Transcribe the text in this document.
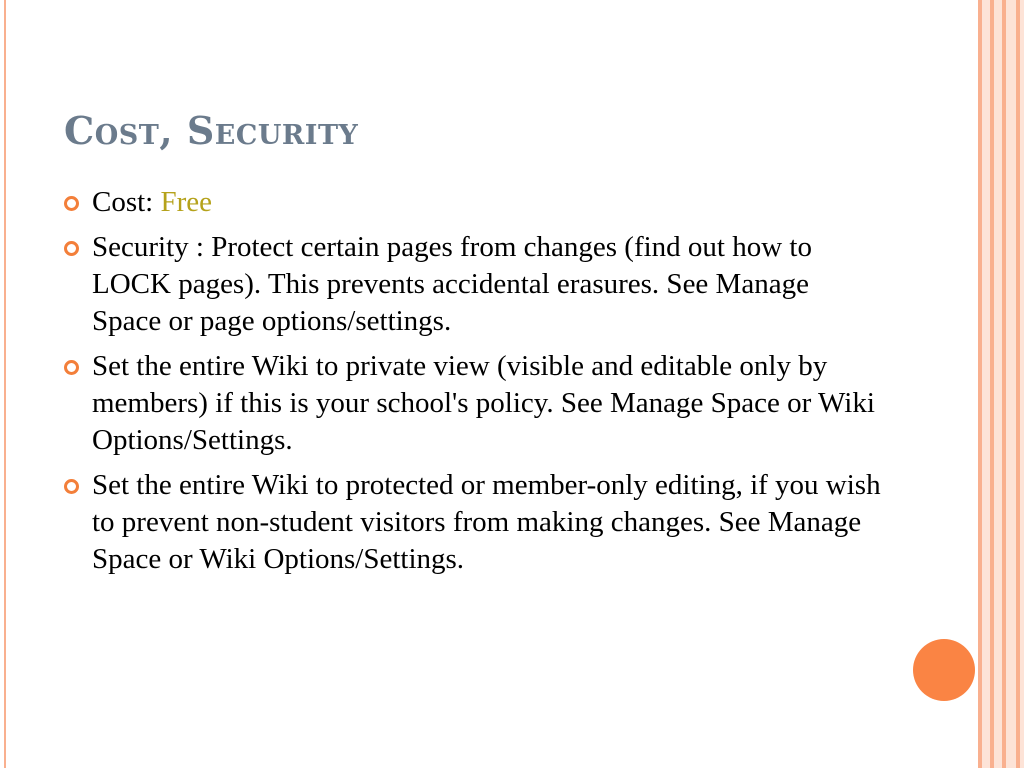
Cost, Security
Cost: Free
Security : Protect certain pages from changes (find out how to LOCK pages). This prevents accidental erasures. See Manage Space or page options/settings.
Set the entire Wiki to private view (visible and editable only by members) if this is your school's policy. See Manage Space or Wiki Options/Settings.
Set the entire Wiki to protected or member-only editing, if you wish to prevent non-student visitors from making changes. See Manage Space or Wiki Options/Settings.
